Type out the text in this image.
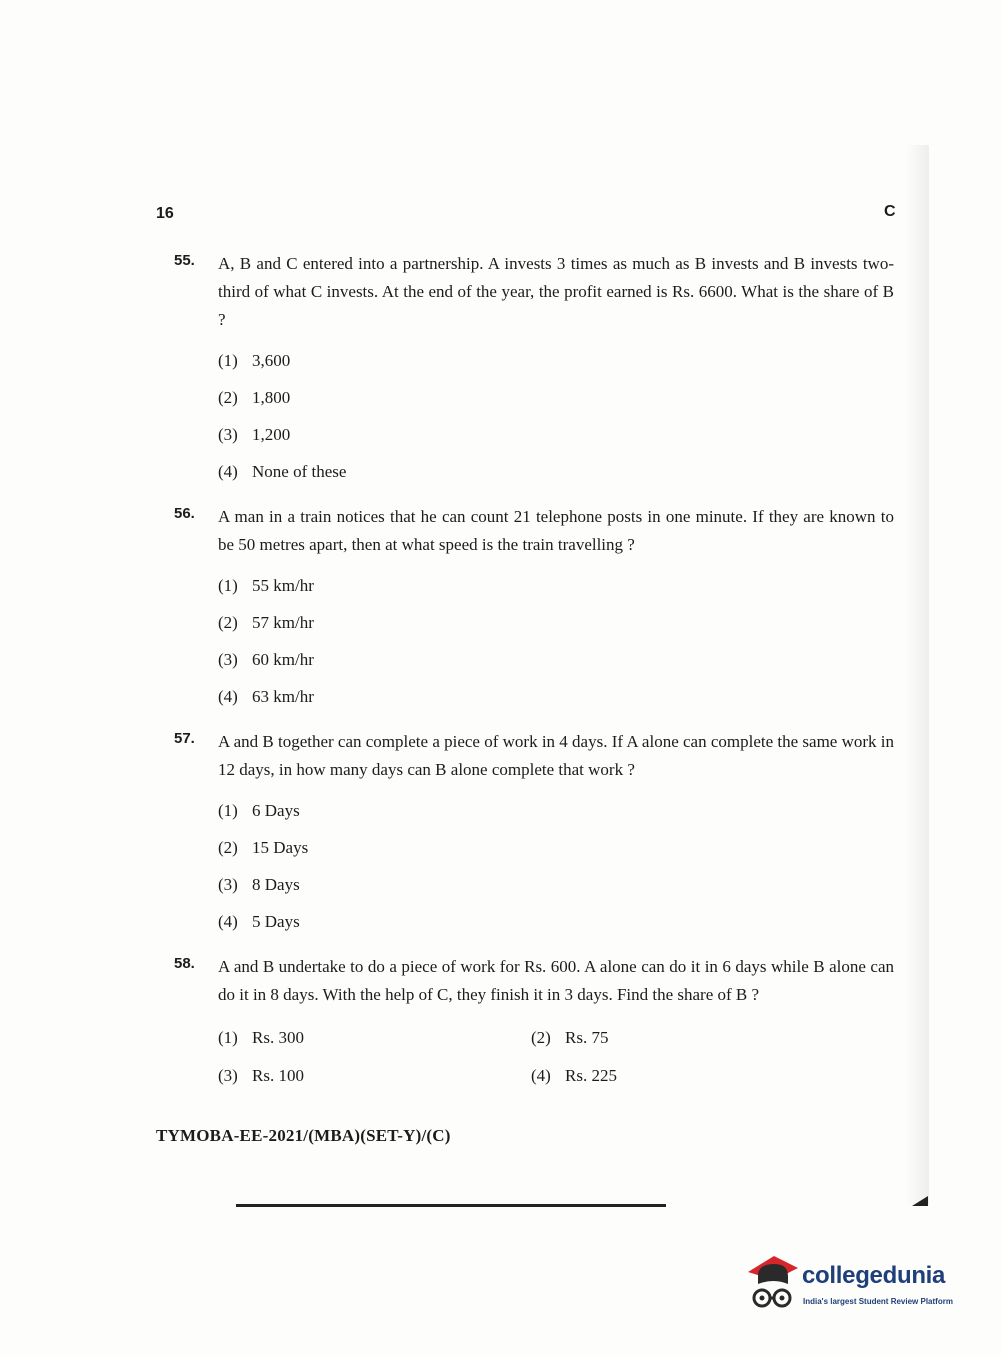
16	C
55. A, B and C entered into a partnership. A invests 3 times as much as B invests and B invests two-third of what C invests. At the end of the year, the profit earned is Rs. 6600. What is the share of B ?
(1) 3,600
(2) 1,800
(3) 1,200
(4) None of these
56. A man in a train notices that he can count 21 telephone posts in one minute. If they are known to be 50 metres apart, then at what speed is the train travelling ?
(1) 55 km/hr
(2) 57 km/hr
(3) 60 km/hr
(4) 63 km/hr
57. A and B together can complete a piece of work in 4 days. If A alone can complete the same work in 12 days, in how many days can B alone complete that work ?
(1) 6 Days
(2) 15 Days
(3) 8 Days
(4) 5 Days
58. A and B undertake to do a piece of work for Rs. 600. A alone can do it in 6 days while B alone can do it in 8 days. With the help of C, they finish it in 3 days. Find the share of B ?
(1) Rs. 300	(2) Rs. 75
(3) Rs. 100	(4) Rs. 225
TYMOBA-EE-2021/(MBA)(SET-Y)/(C)
collegedunia
India's largest Student Review Platform
